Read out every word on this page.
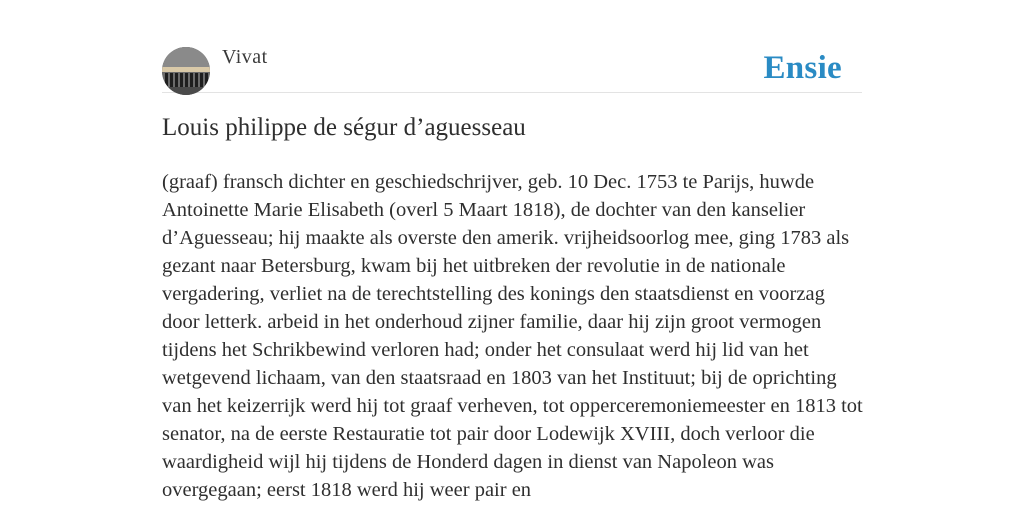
Vivat	Ensie
Louis philippe de ségur d’aguesseau

(graaf) fransch dichter en geschiedschrijver, geb. 10 Dec. 1753 te Parijs, huwde Antoinette Marie Elisabeth (overl 5 Maart 1818), de dochter van den kanselier d’Aguesseau; hij maakte als overste den amerik. vrijheidsoorlog mee, ging 1783 als gezant naar Betersburg, kwam bij het uitbreken der revolutie in de nationale vergadering, verliet na de terechtstelling des konings den staatsdienst en voorzag door letterk. arbeid in het onderhoud zijner familie, daar hij zijn groot vermogen tijdens het Schrikbewind verloren had; onder het consulaat werd hij lid van het wetgevend lichaam, van den staatsraad en 1803 van het Instituut; bij de oprichting van het keizerrijk werd hij tot graaf verheven, tot opperceremoniemeester en 1813 tot senator, na de eerste Restauratie tot pair door Lodewijk XVIII, doch verloor die waardigheid wijl hij tijdens de Honderd dagen in dienst van Napoleon was overgegaan; eerst 1818 werd hij weer pair en
